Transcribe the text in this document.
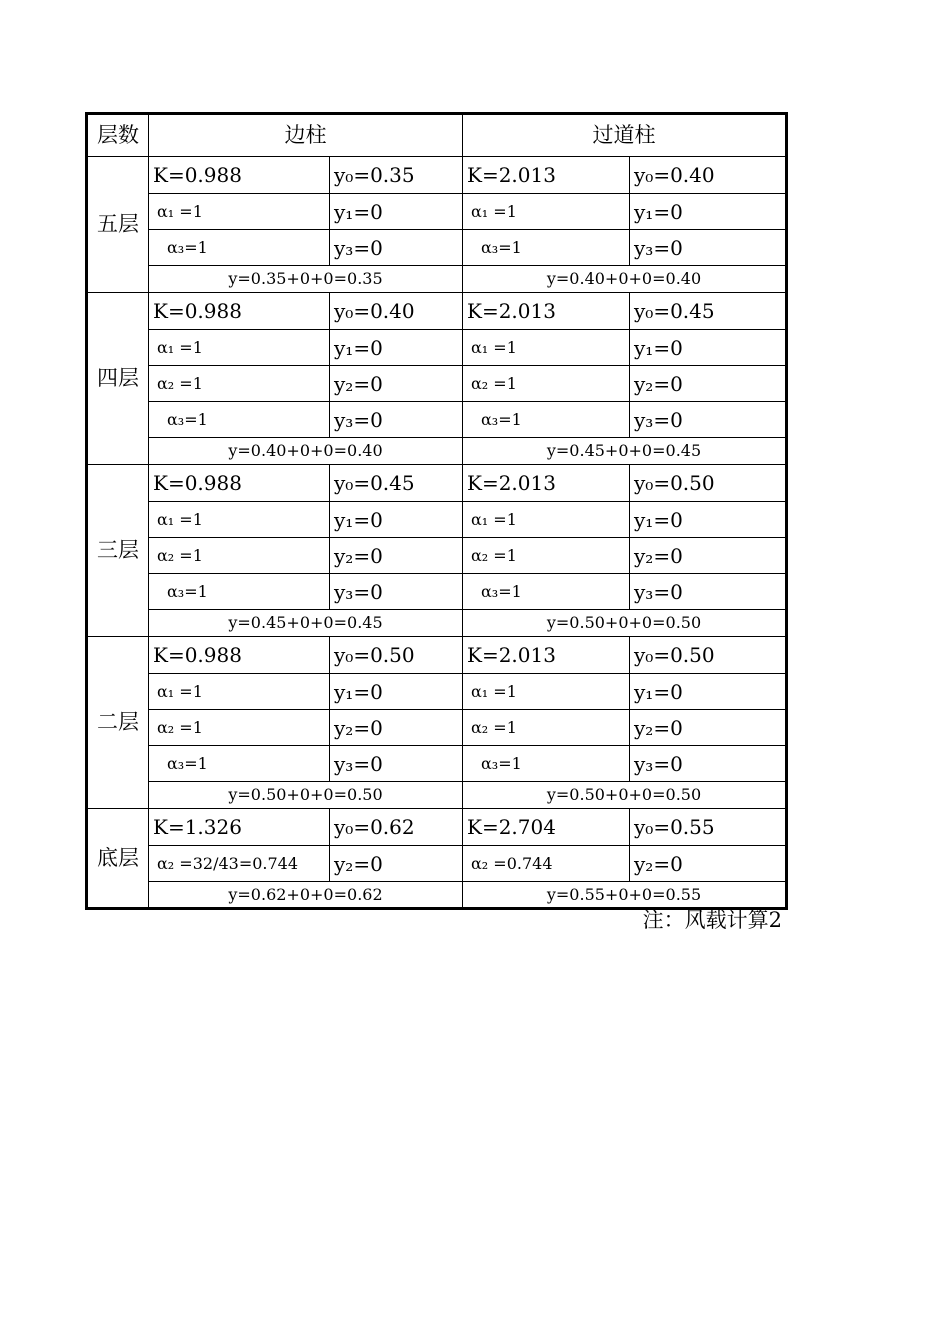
层数	边柱		过道柱	
五层	K=0.988	y₀=0.35	K=2.013	y₀=0.40
	α₁ =1	y₁=0	α₁ =1	y₁=0
	α₃=1	y₃=0	α₃=1	y₃=0
	y=0.35+0+0=0.35		y=0.40+0+0=0.40	
四层	K=0.988	y₀=0.40	K=2.013	y₀=0.45
	α₁ =1	y₁=0	α₁ =1	y₁=0
	α₂ =1	y₂=0	α₂ =1	y₂=0
	α₃=1	y₃=0	α₃=1	y₃=0
	y=0.40+0+0=0.40		y=0.45+0+0=0.45	
三层	K=0.988	y₀=0.45	K=2.013	y₀=0.50
	α₁ =1	y₁=0	α₁ =1	y₁=0
	α₂ =1	y₂=0	α₂ =1	y₂=0
	α₃=1	y₃=0	α₃=1	y₃=0
	y=0.45+0+0=0.45		y=0.50+0+0=0.50	
二层	K=0.988	y₀=0.50	K=2.013	y₀=0.50
	α₁ =1	y₁=0	α₁ =1	y₁=0
	α₂ =1	y₂=0	α₂ =1	y₂=0
	α₃=1	y₃=0	α₃=1	y₃=0
	y=0.50+0+0=0.50		y=0.50+0+0=0.50	
底层	K=1.326	y₀=0.62	K=2.704	y₀=0.55
	α₂ =32/43=0.744	y₂=0	α₂ =0.744	y₂=0
	y=0.62+0+0=0.62		y=0.55+0+0=0.55	
注：风载计算2
